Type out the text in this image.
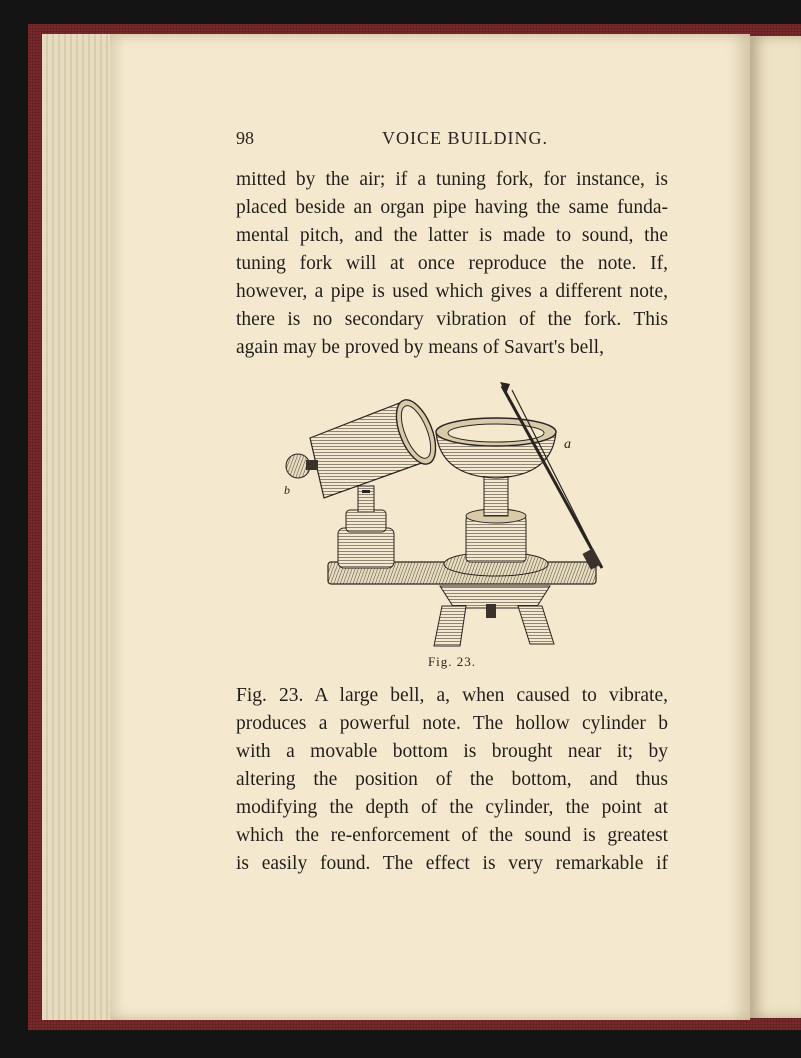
98	VOICE BUILDING.
mitted by the air; if a tuning fork, for instance, is
placed beside an organ pipe having the same funda-
mental pitch, and the latter is made to sound, the
tuning fork will at once reproduce the note. If,
however, a pipe is used which gives a different note,
there is no secondary vibration of the fork. This
again may be proved by means of Savart's bell,
a
b
Fig. 23.
Fig. 23. A large bell, a, when caused to vibrate,
produces a powerful note. The hollow cylinder b
with a movable bottom is brought near it; by
altering the position of the bottom, and thus
modifying the depth of the cylinder, the point at
which the re-enforcement of the sound is greatest
is easily found. The effect is very remarkable if
